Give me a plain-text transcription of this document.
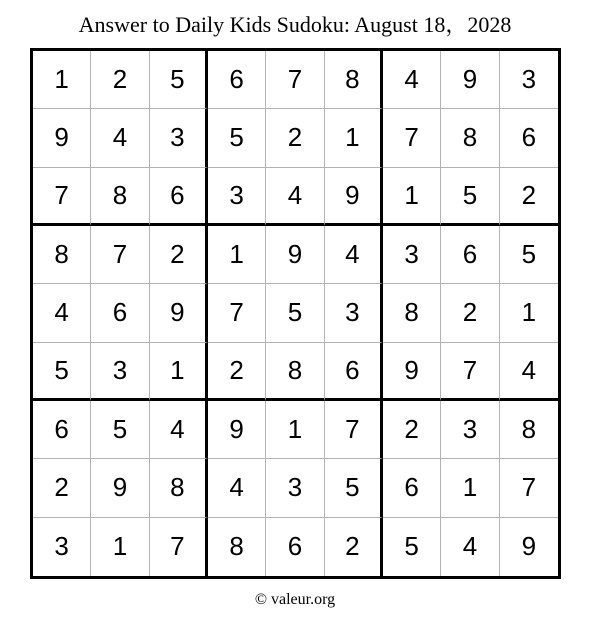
Answer to Daily Kids Sudoku: August 18，2028
1	2	5	6	7	8	4	9	3
9	4	3	5	2	1	7	8	6
7	8	6	3	4	9	1	5	2
8	7	2	1	9	4	3	6	5
4	6	9	7	5	3	8	2	1
5	3	1	2	8	6	9	7	4
6	5	4	9	1	7	2	3	8
2	9	8	4	3	5	6	1	7
3	1	7	8	6	2	5	4	9
© valeur.org
